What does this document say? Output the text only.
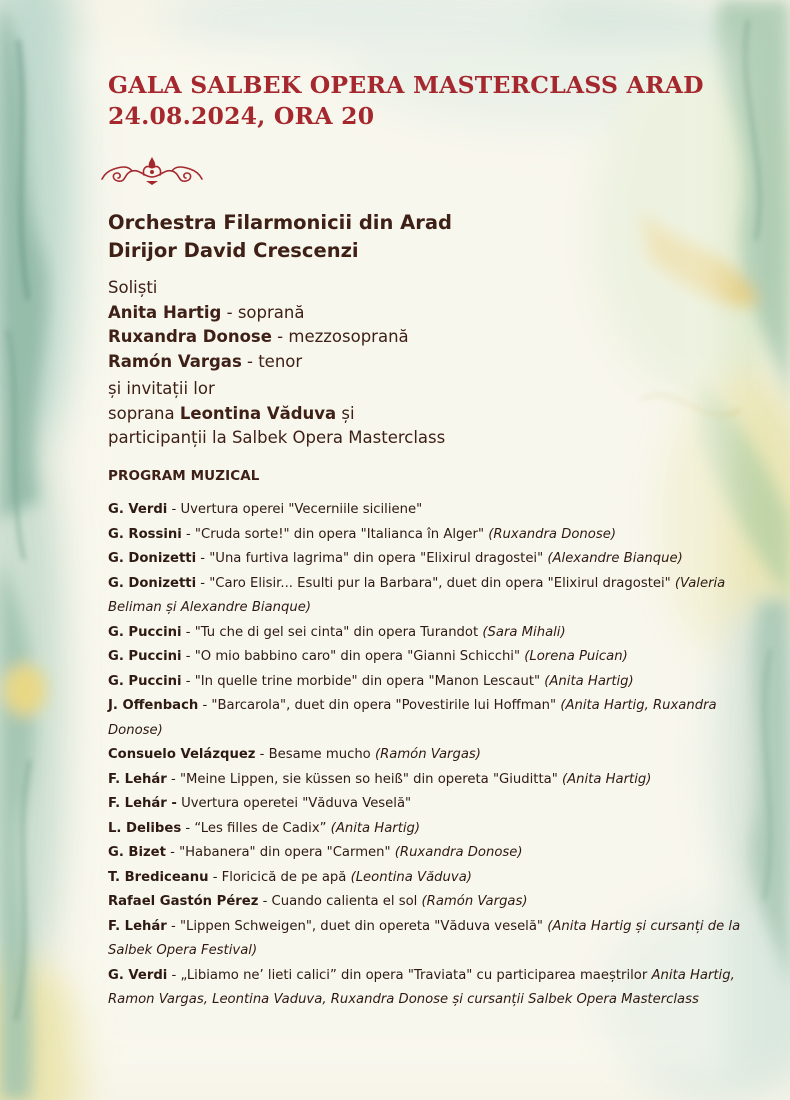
GALA SALBEK OPERA MASTERCLASS ARAD
24.08.2024, ORA 20

Orchestra Filarmonicii din Arad
Dirijor David Crescenzi

Soliști
Anita Hartig - soprană
Ruxandra Donose - mezzosoprană
Ramón Vargas - tenor

și invitații lor
soprana Leontina Văduva și
participanții la Salbek Opera Masterclass

PROGRAM MUZICAL

G. Verdi - Uvertura operei "Vecerniile siciliene"
G. Rossini - "Cruda sorte!" din opera "Italianca în Alger" (Ruxandra Donose)
G. Donizetti - "Una furtiva lagrima" din opera "Elixirul dragostei" (Alexandre Bianque)
G. Donizetti - "Caro Elisir... Esulti pur la Barbara", duet din opera "Elixirul dragostei" (Valeria Beliman și Alexandre Bianque)
G. Puccini - "Tu che di gel sei cinta" din opera Turandot (Sara Mihali)
G. Puccini - "O mio babbino caro" din opera "Gianni Schicchi" (Lorena Puican)
G. Puccini - "In quelle trine morbide" din opera "Manon Lescaut" (Anita Hartig)
J. Offenbach - "Barcarola", duet din opera "Povestirile lui Hoffman" (Anita Hartig, Ruxandra Donose)
Consuelo Velázquez - Besame mucho (Ramón Vargas)
F. Lehár - "Meine Lippen, sie küssen so heiß" din opereta "Giuditta" (Anita Hartig)
F. Lehár - Uvertura operetei "Văduva Veselă"
L. Delibes - “Les filles de Cadix” (Anita Hartig)
G. Bizet - "Habanera" din opera "Carmen" (Ruxandra Donose)
T. Brediceanu - Floricică de pe apă (Leontina Văduva)
Rafael Gastón Pérez - Cuando calienta el sol (Ramón Vargas)
F. Lehár - "Lippen Schweigen", duet din opereta "Văduva veselă" (Anita Hartig și cursanți de la Salbek Opera Festival)
G. Verdi - „Libiamo ne’ lieti calici” din opera "Traviata" cu participarea maeștrilor Anita Hartig, Ramon Vargas, Leontina Vaduva, Ruxandra Donose și cursanții Salbek Opera Masterclass
